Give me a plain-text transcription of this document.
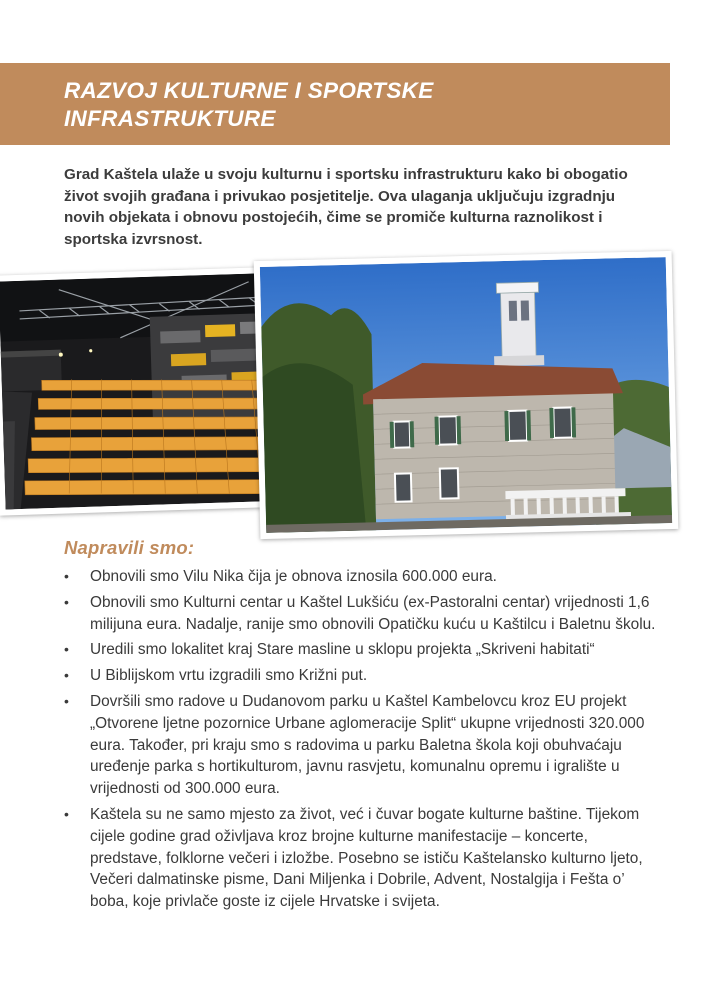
RAZVOJ KULTURNE I SPORTSKE
INFRASTRUKTURE

Grad Kaštela ulaže u svoju kulturnu i sportsku infrastrukturu kako bi obogatio život svojih građana i privukao posjetitelje. Ova ulaganja uključuju izgradnju novih objekata i obnovu postojećih, čime se promiče kulturna raznolikost i sportska izvrsnost.

Napravili smo:
• Obnovili smo Vilu Nika čija je obnova iznosila 600.000 eura.
• Obnovili smo Kulturni centar u Kaštel Lukšiću (ex-Pastoralni centar) vrijednosti 1,6 milijuna eura. Nadalje, ranije smo obnovili Opatičku kuću u Kaštilcu i Baletnu školu.
• Uredili smo lokalitet kraj Stare masline u sklopu projekta „Skriveni habitati“
• U Biblijskom vrtu izgradili smo Križni put.
• Dovršili smo radove u Dudanovom parku u Kaštel Kambelovcu kroz EU projekt „Otvorene ljetne pozornice Urbane aglomeracije Split“ ukupne vrijednosti 320.000 eura. Također, pri kraju smo s radovima u parku Baletna škola koji obuhvaćaju uređenje parka s hortikulturom, javnu rasvjetu, komunalnu opremu i igralište u vrijednosti od 300.000 eura.
• Kaštela su ne samo mjesto za život, već i čuvar bogate kulturne baštine. Tijekom cijele godine grad oživljava kroz brojne kulturne manifestacije – koncerte, predstave, folklorne večeri i izložbe. Posebno se ističu Kaštelansko kulturno ljeto, Večeri dalmatinske pisme, Dani Miljenka i Dobrile, Advent, Nostalgija i Fešta o’ boba, koje privlače goste iz cijele Hrvatske i svijeta.
